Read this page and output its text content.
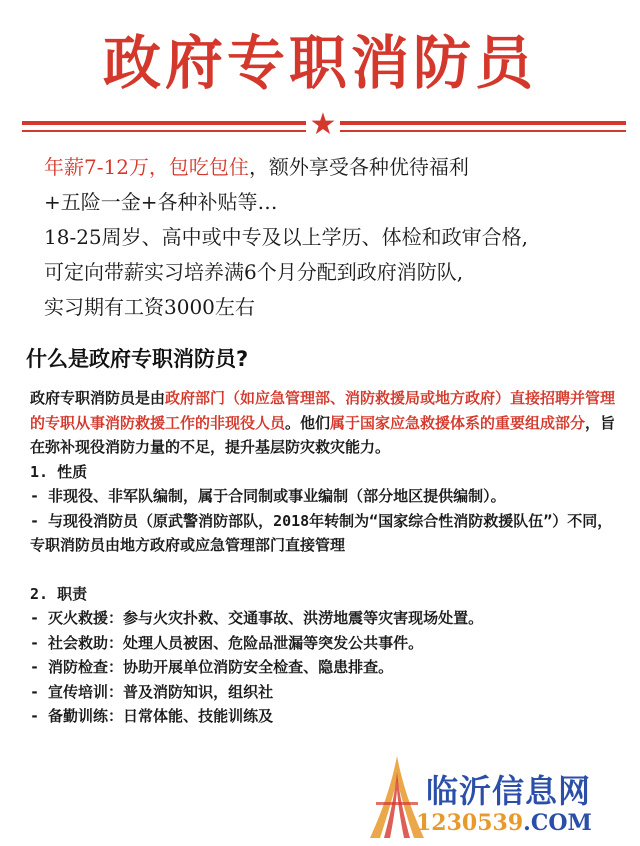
政府专职消防员
★

年薪7-12万，包吃包住，额外享受各种优待福利

+五险一金+各种补贴等…

18-25周岁、高中或中专及以上学历、体检和政审合格,

可定向带薪实习培养满6个月分配到政府消防队,

实习期有工资3000左右

什么是政府专职消防员?

政府专职消防员是由政府部门（如应急管理部、消防救援局或地方政府）直接招聘并管理的专职从事消防救援工作的非现役人员。他们属于国家应急救援体系的重要组成部分，旨在弥补现役消防力量的不足，提升基层防灾救灾能力。

1. 性质

- 非现役、非军队编制，属于合同制或事业编制（部分地区提供编制）。

- 与现役消防员（原武警消防部队，2018年转制为“国家综合性消防救援队伍”）不同，专职消防员由地方政府或应急管理部门直接管理

2. 职责

- 灭火救援：参与火灾扑救、交通事故、洪涝地震等灾害现场处置。

- 社会救助：处理人员被困、危险品泄漏等突发公共事件。

- 消防检查：协助开展单位消防安全检查、隐患排查。

- 宣传培训：普及消防知识，组织社

- 备勤训练：日常体能、技能训练及

临沂信息网
1230539.COM
